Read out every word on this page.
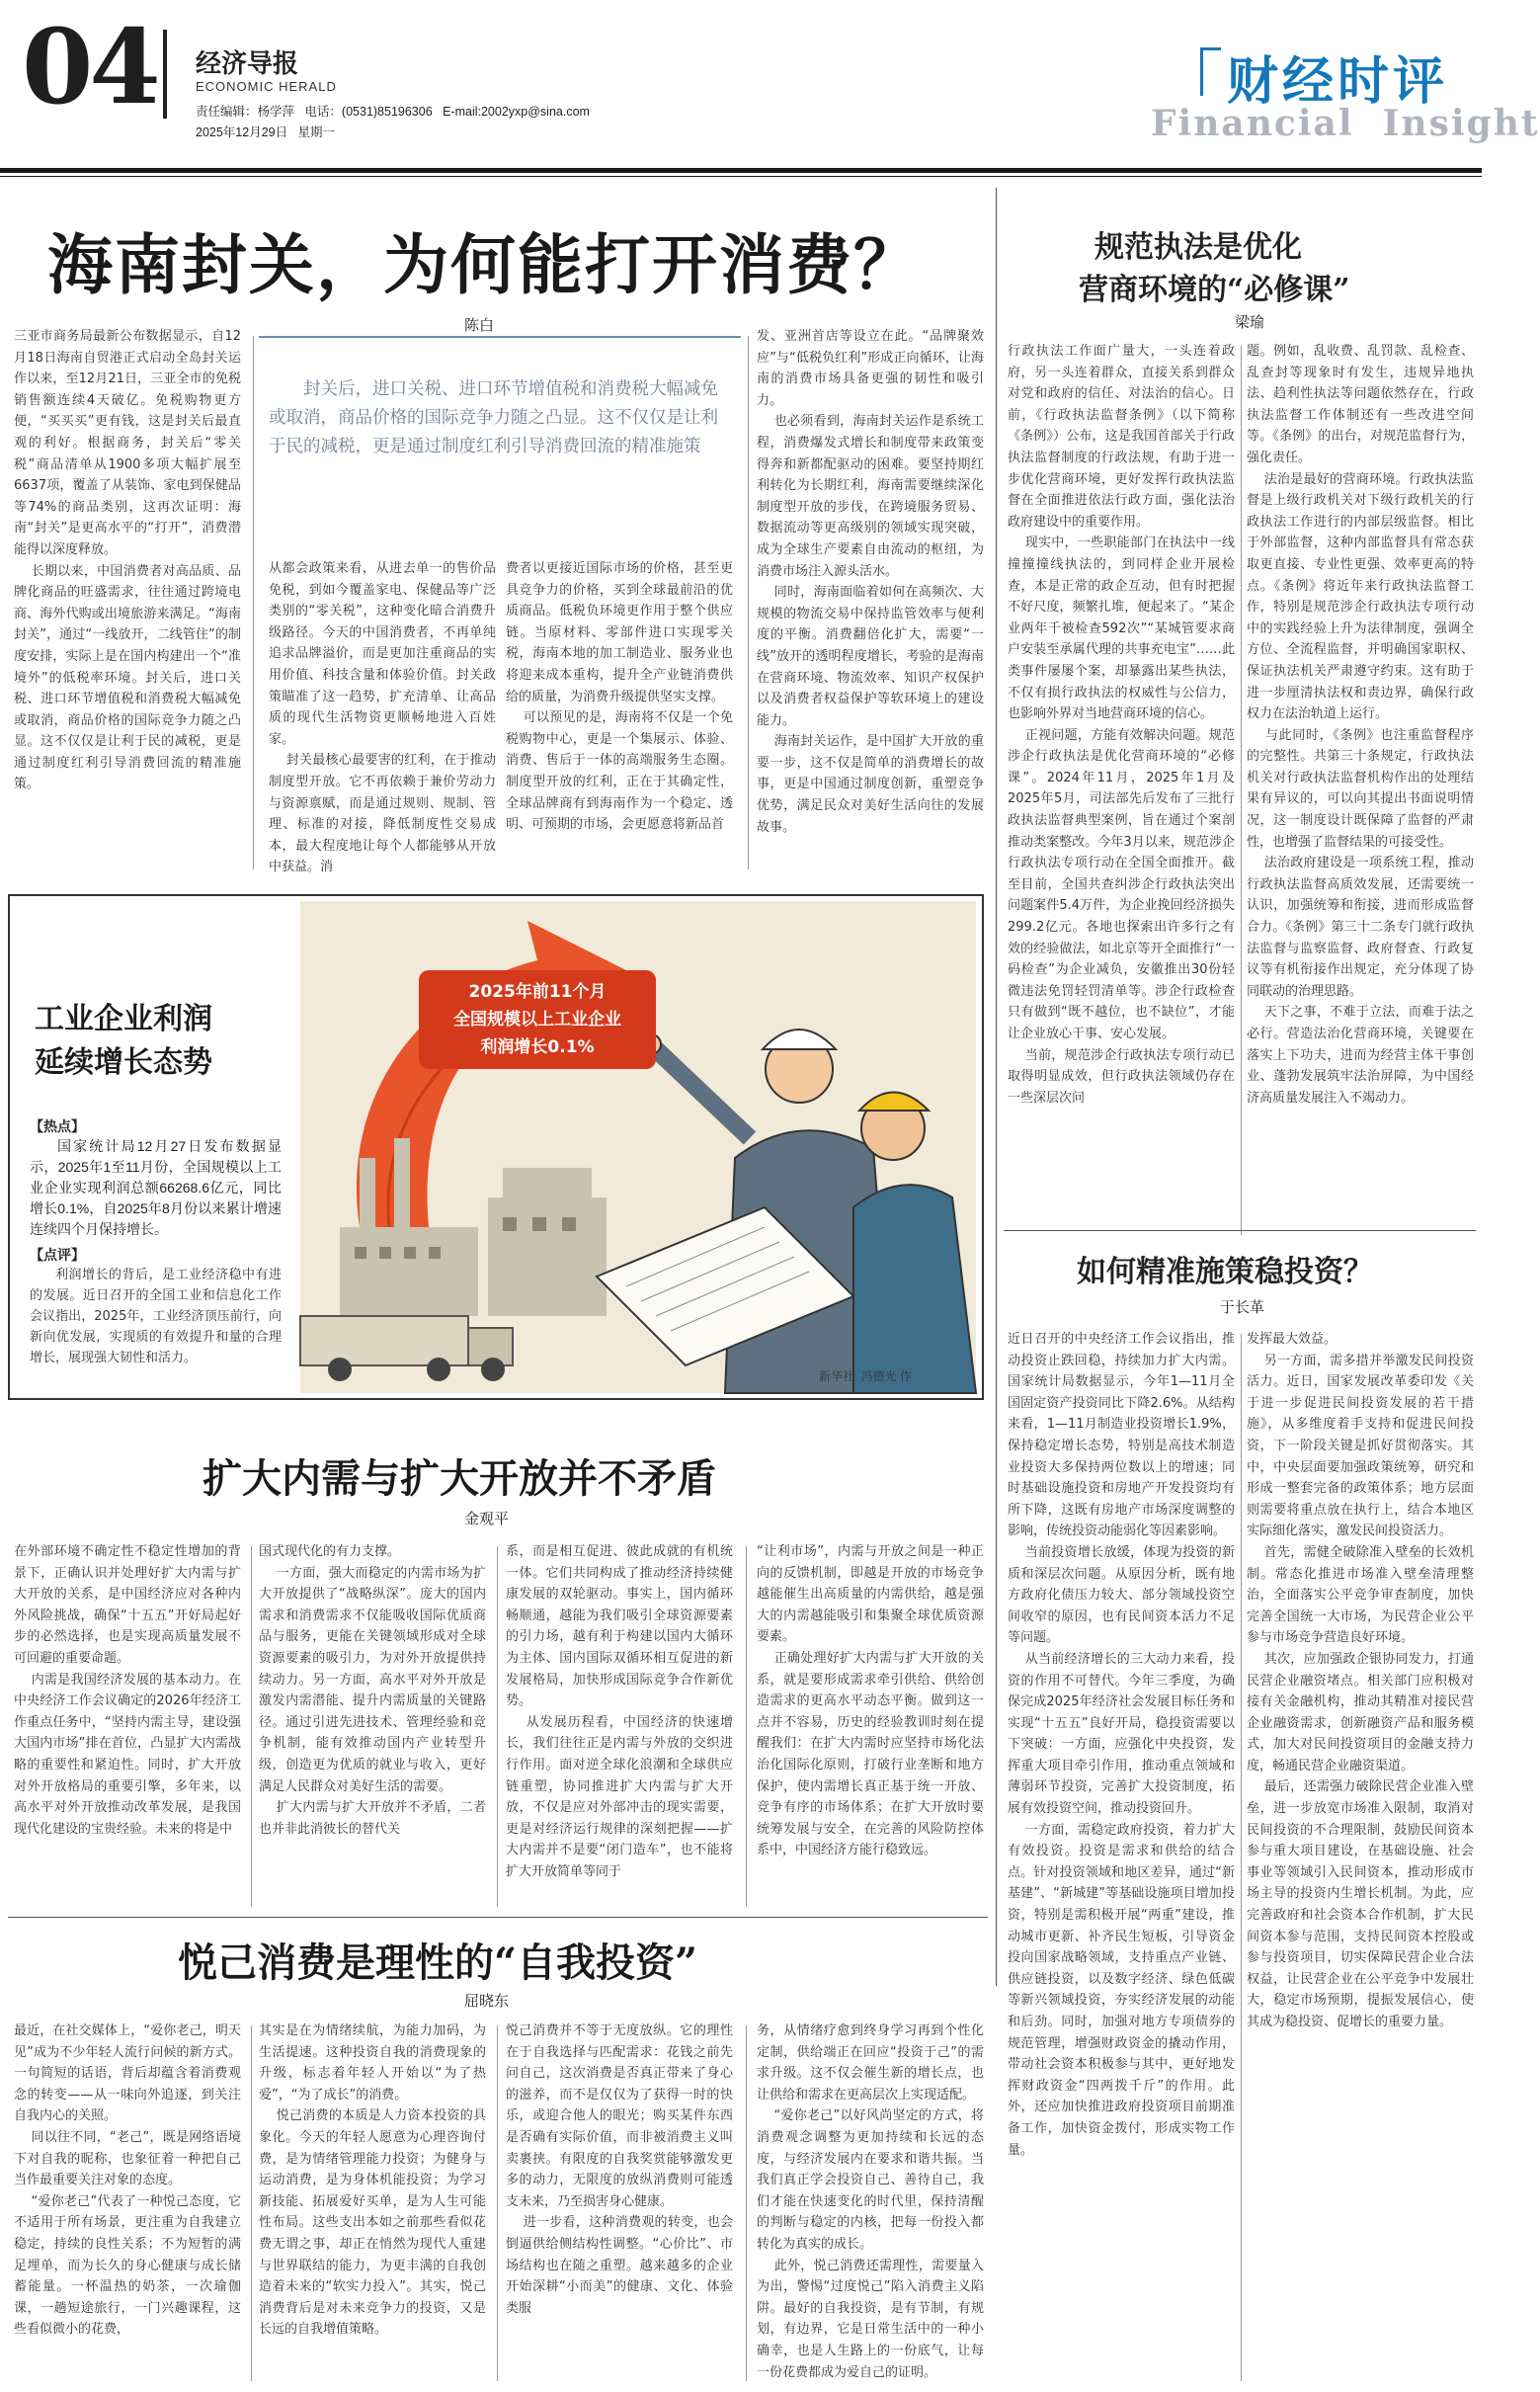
04 经济导报
ECONOMIC HERALD
责任编辑：杨学萍   电话：(0531)85196306   E-mail:2002yxp@sina.com
2025年12月29日   星期一
财经时评
Financial  Insight
海南封关，为何能打开消费？
陈白
封关后，进口关税、进口环节增值税和消费税大幅减免或取消，商品价格的国际竞争力随之凸显。这不仅仅是让利于民的减税，更是通过制度红利引导消费回流的精准施策
三亚市商务局最新公布数据显示，自12月18日海南自贸港正式启动全岛封关运作以来，至12月21日，三亚全市的免税销售额连续4天破亿。免税购物更方便，“买买买”更有钱，这是封关后最直观的利好。根据商务，封关后“零关税”商品清单从1900多项大幅扩展至6637项，覆盖了从装饰、家电到保健品等74%的商品类别，这再次证明：海南“封关”是更高水平的“打开”，消费潜能得以深度释放。
长期以来，中国消费者对高品质、品牌化商品的旺盛需求，往往通过跨境电商、海外代购或出境旅游来满足。“海南封关”，通过“一线放开，二线管住”的制度安排，实际上是在国内构建出一个“准境外”的低税率环境。封关后，进口关税、进口环节增值税和消费税大幅减免或取消，商品价格的国际竞争力随之凸显。这不仅仅是让利于民的减税，更是通过制度红利引导消费回流的精准施策。
从都会政策来看，从进去单一的售价品免税，到如今覆盖家电、保健品等广泛类别的“零关税”，这种变化暗合消费升级路径。今天的中国消费者，不再单纯追求品牌溢价，而是更加注重商品的实用价值、科技含量和体验价值。封关政策瞄准了这一趋势，扩充清单、让高品质的现代生活物资更顺畅地进入百姓家。
封关最核心最要害的红利，在于推动制度型开放。它不再依赖于兼价劳动力与资源禀赋，而是通过规则、规制、管理、标准的对接，降低制度性交易成本，最大程度地让每个人都能够从开放中获益。消
费者以更接近国际市场的价格，甚至更具竞争力的价格，买到全球最前沿的优质商品。低税负环境更作用于整个供应链。当原材料、零部件进口实现零关税，海南本地的加工制造业、服务业也将迎来成本重构，提升全产业链消费供给的质量，为消费升级提供坚实支撑。
可以预见的是，海南将不仅是一个免税购物中心，更是一个集展示、体验、消费、售后于一体的高端服务生态圈。制度型开放的红利，正在于其确定性，全球品牌商有到海南作为一个稳定、透明、可预期的市场，会更愿意将新品首
发、亚洲首店等设立在此。“品牌聚效应”与“低税负红利”形成正向循环，让海南的消费市场具备更强的韧性和吸引力。
也必须看到，海南封关运作是系统工程，消费爆发式增长和制度带来政策变得奔和新都配驱动的困难。要坚持期红利转化为长期红利，海南需要继续深化制度型开放的步伐，在跨境服务贸易、数据流动等更高级别的领域实现突破，成为全球生产要素自由流动的枢纽，为消费市场注入源头活水。
同时，海南面临着如何在高频次、大规模的物流交易中保持监管效率与便利度的平衡。消费翻倍化扩大，需要“一线”放开的透明程度增长，考验的是海南在营商环境、物流效率、知识产权保护以及消费者权益保护等软环境上的建设能力。
海南封关运作，是中国扩大开放的重要一步，这不仅是简单的消费增长的故事，更是中国通过制度创新，重塑竞争优势，满足民众对美好生活向往的发展故事。
规范执法是优化
营商环境的“必修课”
梁瑜
行政执法工作面广量大，一头连着政府，另一头连着群众，直接关系到群众对党和政府的信任、对法治的信心。日前，《行政执法监督条例》（以下简称《条例》）公布，这是我国首部关于行政执法监督制度的行政法规，有助于进一步优化营商环境，更好发挥行政执法监督在全面推进依法行政方面，强化法治政府建设中的重要作用。
现实中，一些职能部门在执法中一线撞撞撞线执法的，到同样企业开展检查，本是正常的政企互动，但有时把握不好尺度，频繁扎堆，便起来了。“某企业两年千被检查592次”“某城管要求商户安装至承属代理的共事充电宝”……此类事件屡屡个案，却暴露出某些执法，不仅有损行政执法的权威性与公信力，也影响外界对当地营商环境的信心。
正视问题，方能有效解决问题。规范涉企行政执法是优化营商环境的“必修课”。2024年11月，2025年1月及2025年5月，司法部先后发布了三批行政执法监督典型案例，旨在通过个案剖推动类案整改。今年3月以来，规范涉企行政执法专项行动在全国全面推开。截至目前，全国共查纠涉企行政执法突出问题案件5.4万件，为企业挽回经济损失299.2亿元。各地也探索出许多行之有效的经验做法，如北京等开全面推行“一码检查”为企业减负，安徽推出30份轻微违法免罚轻罚清单等。涉企行政检查只有做到“既不越位，也不缺位”，才能让企业放心干事、安心发展。
当前，规范涉企行政执法专项行动已取得明显成效，但行政执法领域仍存在一些深层次问
题。例如，乱收费、乱罚款、乱检查、乱查封等现象时有发生，违规异地执法、趋利性执法等问题依然存在，行政执法监督工作体制还有一些改进空间等。《条例》的出台，对规范监督行为，强化责任。
法治是最好的营商环境。行政执法监督是上级行政机关对下级行政机关的行政执法工作进行的内部层级监督。相比于外部监督，这种内部监督具有常态获取更直接、专业性更强、效率更高的特点。《条例》将近年来行政执法监督工作，特别是规范涉企行政执法专项行动中的实践经验上升为法律制度，强调全方位、全流程监督，并明确国家职权、保证执法机关严肃遵守约束。这有助于进一步厘清执法权和责边界，确保行政权力在法治轨道上运行。
与此同时，《条例》也注重监督程序的完整性。共第三十条规定，行政执法机关对行政执法监督机构作出的处理结果有异议的，可以向其提出书面说明情况，这一制度设计既保障了监督的严肃性，也增强了监督结果的可接受性。
法治政府建设是一项系统工程，推动行政执法监督高质效发展，还需要统一认识，加强统筹和衔接，进而形成监督合力。《条例》第三十二条专门就行政执法监督与监察监督、政府督查、行政复议等有机衔接作出规定，充分体现了协同联动的治理思路。
天下之事，不难于立法，而难于法之必行。营造法治化营商环境，关键要在落实上下功夫，进而为经营主体干事创业、蓬勃发展筑牢法治屏障，为中国经济高质量发展注入不竭动力。
工业企业利润
延续增长态势
【热点】
国家统计局12月27日发布数据显示，2025年1至11月份，全国规模以上工业企业实现利润总额66268.6亿元，同比增长0.1%，自2025年8月份以来累计增速连续四个月保持增长。
【点评】
利润增长的背后，是工业经济稳中有进的发展。近日召开的全国工业和信息化工作会议指出，2025年，工业经济顶压前行，向新向优发展，实现质的有效提升和量的合理增长，展现强大韧性和活力。
2025年前11个月
全国规模以上工业企业
利润增长0.1%
新华社  冯德光 作
如何精准施策稳投资？
于长革
近日召开的中央经济工作会议指出，推动投资止跌回稳，持续加力扩大内需。国家统计局数据显示，今年1—11月全国固定资产投资同比下降2.6%。从结构来看，1—11月制造业投资增长1.9%，保持稳定增长态势，特别是高技术制造业投资大多保持两位数以上的增速；同时基础设施投资和房地产开发投资均有所下降，这既有房地产市场深度调整的影响，传统投资动能弱化等因素影响。
当前投资增长放缓，体现为投资的新质和深层次问题。从原因分析，既有地方政府化债压力较大、部分领域投资空间收窄的原因，也有民间资本活力不足等问题。
从当前经济增长的三大动力来看，投资的作用不可替代。今年三季度，为确保完成2025年经济社会发展目标任务和实现“十五五”良好开局，稳投资需要以下突破：一方面，应强化中央投资，发挥重大项目牵引作用，推动重点领域和薄弱环节投资，完善扩大投资制度，拓展有效投资空间，推动投资回升。
一方面，需稳定政府投资，着力扩大有效投资。投资是需求和供给的结合点。针对投资领域和地区差异，通过“新基建”、“新城建”等基础设施项目增加投资，特别是需积极开展“两重”建设，推动城市更新、补齐民生短板，引导资金投向国家战略领域，支持重点产业链、供应链投资，以及数字经济、绿色低碳等新兴领域投资，夯实经济发展的动能和后劲。同时，加强对地方专项债券的规范管理，增强财政资金的撬动作用，带动社会资本积极参与其中，更好地发挥财政资金“四两拨千斤”的作用。此外，还应加快推进政府投资项目前期准备工作，加快资金拨付，形成实物工作量。
发挥最大效益。
另一方面，需多措并举激发民间投资活力。近日，国家发展改革委印发《关于进一步促进民间投资发展的若干措施》，从多维度着手支持和促进民间投资，下一阶段关键是抓好贯彻落实。其中，中央层面要加强政策统筹，研究和形成一整套完备的政策体系；地方层面则需要将重点放在执行上，结合本地区实际细化落实，激发民间投资活力。
首先，需健全破除准入壁垒的长效机制。常态化推进市场准入壁垒清理整治，全面落实公平竞争审查制度，加快完善全国统一大市场，为民营企业公平参与市场竞争营造良好环境。
其次，应加强政企银协同发力，打通民营企业融资堵点。相关部门应积极对接有关金融机构，推动其精准对接民营企业融资需求，创新融资产品和服务模式，加大对民间投资项目的金融支持力度，畅通民营企业融资渠道。
最后，还需强力破除民营企业准入壁垒，进一步放宽市场准入限制，取消对民间投资的不合理限制，鼓励民间资本参与重大项目建设，在基础设施、社会事业等领域引入民间资本，推动形成市场主导的投资内生增长机制。为此，应完善政府和社会资本合作机制，扩大民间资本参与范围，支持民间资本控股或参与投资项目，切实保障民营企业合法权益，让民营企业在公平竞争中发展壮大，稳定市场预期，提振发展信心，使其成为稳投资、促增长的重要力量。
扩大内需与扩大开放并不矛盾
金观平
在外部环境不确定性不稳定性增加的背景下，正确认识并处理好扩大内需与扩大开放的关系，是中国经济应对各种内外风险挑战，确保“十五五”开好局起好步的必然选择，也是实现高质量发展不可回避的重要命题。
内需是我国经济发展的基本动力。在中央经济工作会议确定的2026年经济工作重点任务中，“坚持内需主导，建设强大国内市场”排在首位，凸显扩大内需战略的重要性和紧迫性。同时，扩大开放对外开放格局的重要引擎，多年来，以高水平对外开放推动改革发展，是我国现代化建设的宝贵经验。未来的将是中
国式现代化的有力支撑。
一方面，强大而稳定的内需市场为扩大开放提供了“战略纵深”。庞大的国内需求和消费需求不仅能吸收国际优质商品与服务，更能在关键领域形成对全球资源要素的吸引力，为对外开放提供持续动力。另一方面，高水平对外开放是激发内需潜能、提升内需质量的关键路径。通过引进先进技术、管理经验和竞争机制，能有效推动国内产业转型升级，创造更为优质的就业与收入，更好满足人民群众对美好生活的需要。
扩大内需与扩大开放并不矛盾，二者也并非此消彼长的替代关
系，而是相互促进、彼此成就的有机统一体。它们共同构成了推动经济持续健康发展的双轮驱动。事实上，国内循环畅顺通，越能为我们吸引全球资源要素的引力场，越有利于构建以国内大循环为主体、国内国际双循环相互促进的新发展格局，加快形成国际竞争合作新优势。
从发展历程看，中国经济的快速增长，我们往往正是内需与外放的交织进行作用。面对逆全球化浪潮和全球供应链重塑，协同推进扩大内需与扩大开放，不仅是应对外部冲击的现实需要，更是对经济运行规律的深刻把握——扩大内需并不是要“闭门造车”，也不能将扩大开放简单等同于
“让利市场”，内需与开放之间是一种正向的反馈机制，即越是开放的市场竞争越能催生出高质量的内需供给，越是强大的内需越能吸引和集聚全球优质资源要素。
正确处理好扩大内需与扩大开放的关系，就是要形成需求牵引供给、供给创造需求的更高水平动态平衡。做到这一点并不容易，历史的经验教训时刻在提醒我们：在扩大内需时应坚持市场化法治化国际化原则，打破行业垄断和地方保护，使内需增长真正基于统一开放、竞争有序的市场体系；在扩大开放时要统筹发展与安全，在完善的风险防控体系中，中国经济方能行稳致远。
悦己消费是理性的“自我投资”
屈晓东
最近，在社交媒体上，“爱你老己，明天见”成为不少年轻人流行问候的新方式。一句简短的话语，背后却蕴含着消费观念的转变——从一味向外追逐，到关注自我内心的关照。
同以往不同，“老己”，既是网络语境下对自我的昵称，也象征着一种把自己当作最重要关注对象的态度。
“爱你老己”代表了一种悦己态度，它不适用于所有场景，更注重为自我建立稳定，持续的良性关系；不为短暂的满足埋单，而为长久的身心健康与成长储蓄能量。一杯温热的奶茶，一次瑜伽课，一趟短途旅行，一门兴趣课程，这些看似微小的花费，
其实是在为情绪续航，为能力加码，为生活提速。这种投资自我的消费现象的升级，标志着年轻人开始以“为了热爱”，“为了成长”的消费。
悦己消费的本质是人力资本投资的具象化。今天的年轻人愿意为心理咨询付费，是为情绪管理能力投资；为健身与运动消费，是为身体机能投资；为学习新技能、拓展爱好买单，是为人生可能性布局。这些支出本如之前那些看似花费无谓之事，却正在悄然为现代人重建与世界联结的能力，为更丰满的自我创造着未来的“软实力投入”。其实，悦己消费背后是对未来竞争力的投资，又是长远的自我增值策略。
悦己消费并不等于无度放纵。它的理性在于自我选择与匹配需求：花钱之前先问自己，这次消费是否真正带来了身心的滋养，而不是仅仅为了获得一时的快乐，或迎合他人的眼光；购买某件东西是否确有实际价值，而非被消费主义叫卖裹挟。有限度的自我奖赏能够激发更多的动力，无限度的放纵消费则可能透支未来，乃至损害身心健康。
进一步看，这种消费观的转变，也会倒逼供给侧结构性调整。“心价比”、市场结构也在随之重塑。越来越多的企业开始深耕“小而美”的健康、文化、体验类服
务，从情绪疗愈到终身学习再到个性化定制，供给端正在回应“投资于己”的需求升级。这不仅会催生新的增长点，也让供给和需求在更高层次上实现适配。
“爱你老己”以好风尚坚定的方式，将消费观念调整为更加持续和长远的态度，与经济发展内在要求和谐共振。当我们真正学会投资自己、善待自己，我们才能在快速变化的时代里，保持清醒的判断与稳定的内核，把每一份投入都转化为真实的成长。
此外，悦己消费还需理性，需要量入为出，警惕“过度悦己”陷入消费主义陷阱。最好的自我投资，是有节制，有规划，有边界，它是日常生活中的一种小确幸，也是人生路上的一份底气，让每一份花费都成为爱自己的证明。
